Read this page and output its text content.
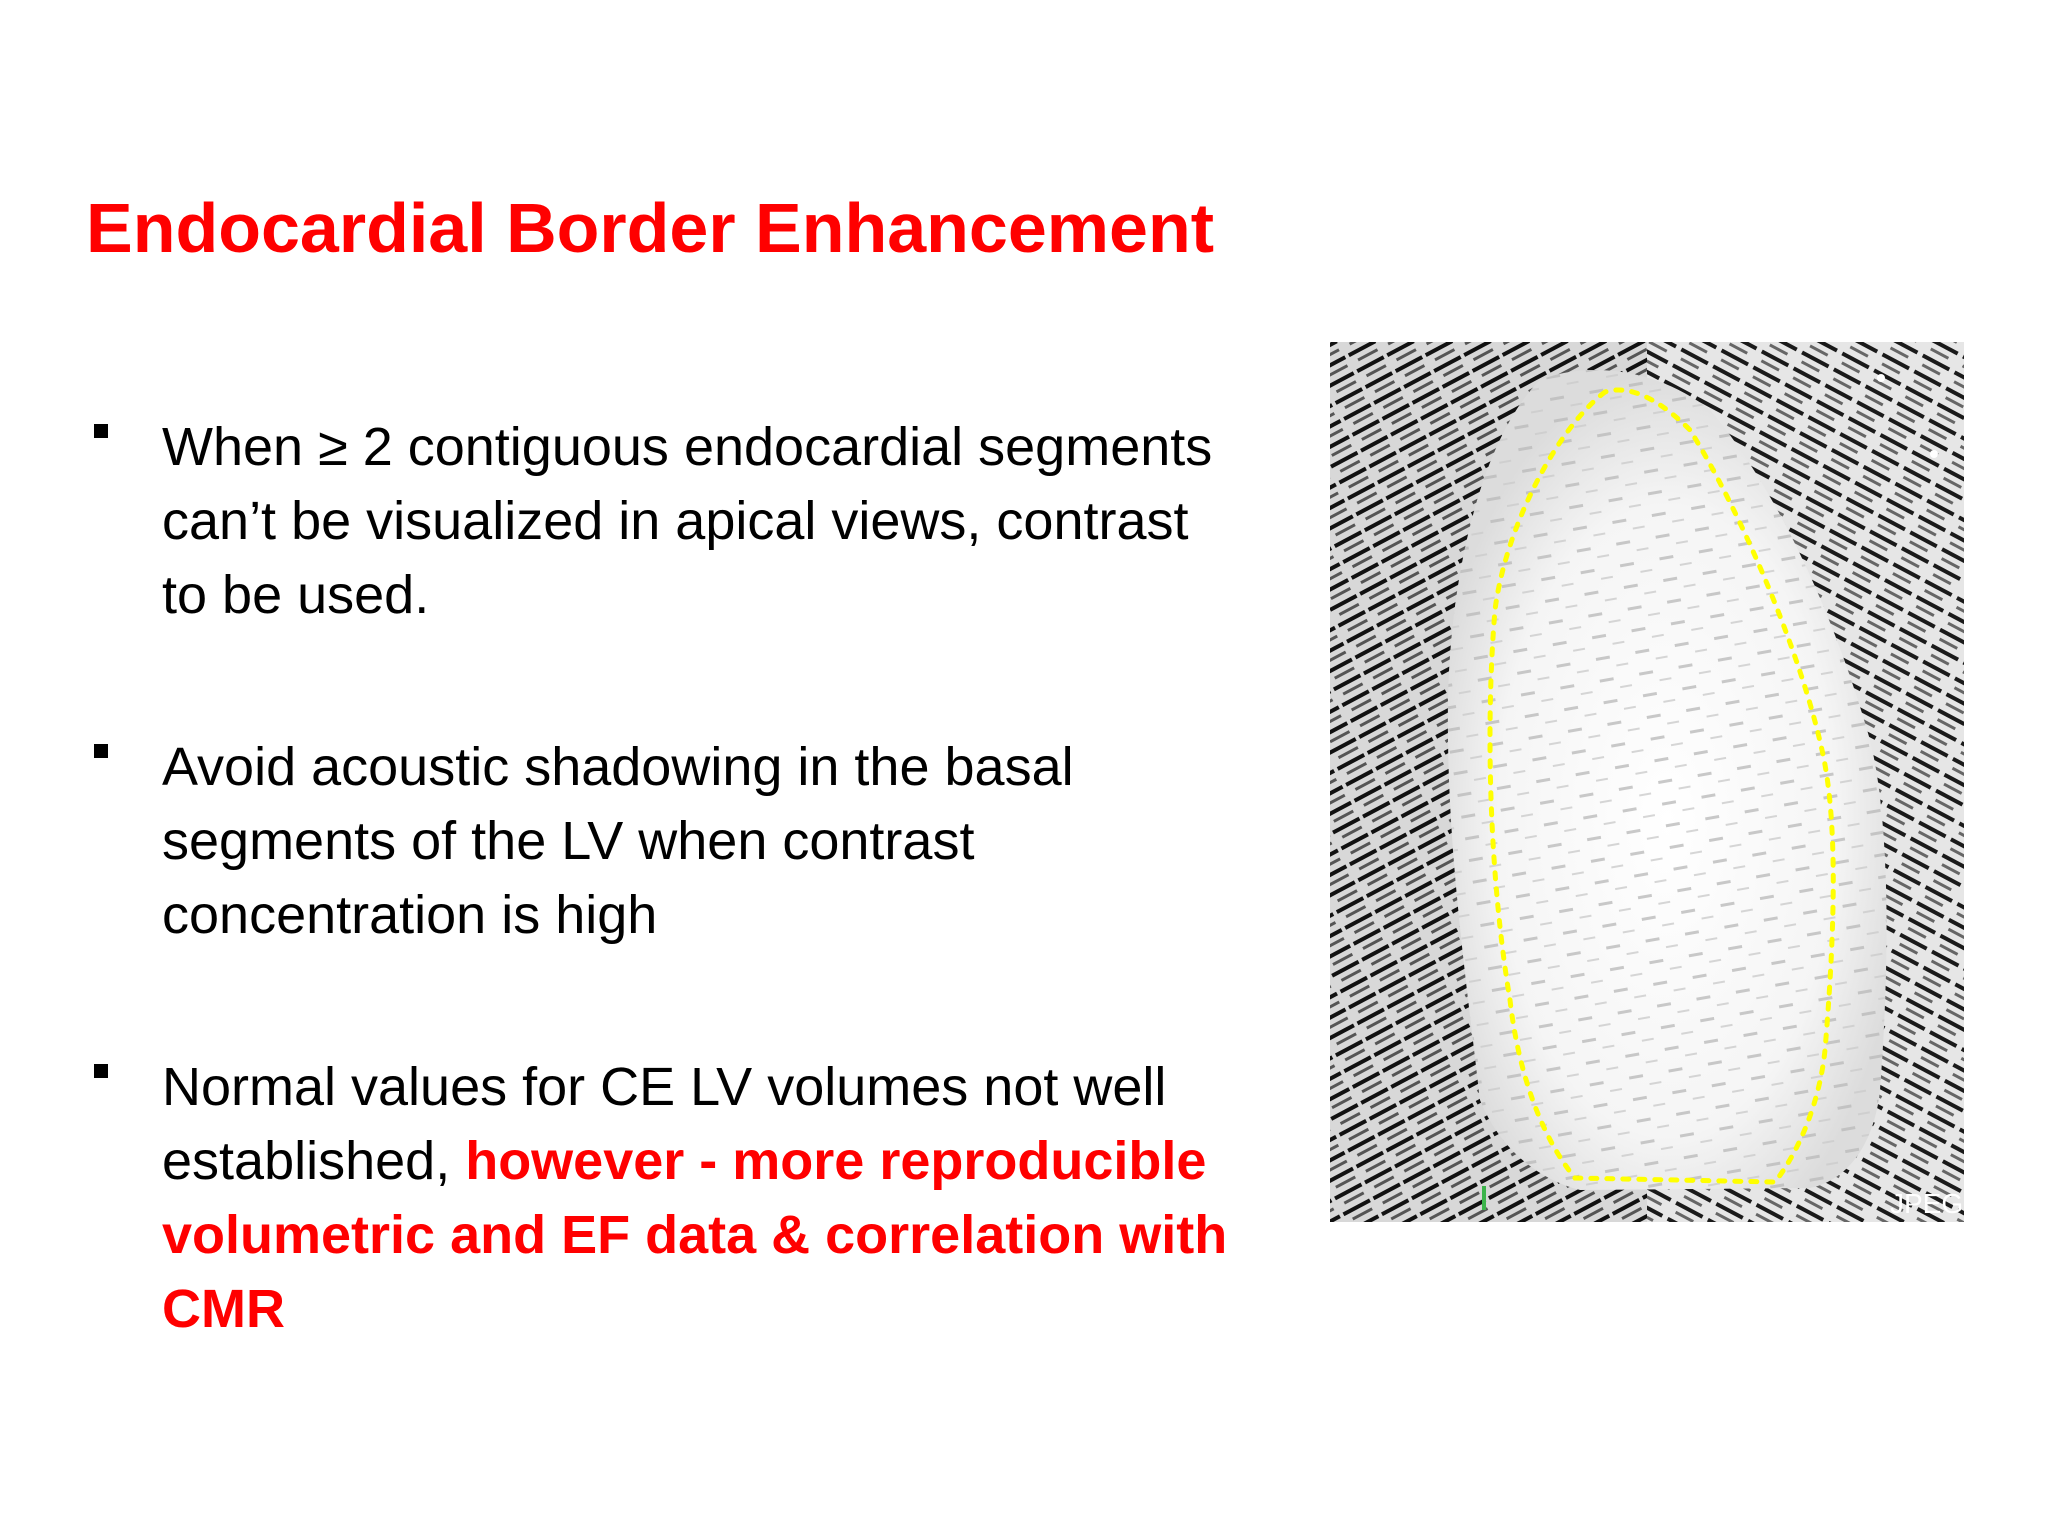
Endocardial Border Enhancement
When ≥ 2 contiguous endocardial segments can’t be visualized in apical views, contrast to be used.
Avoid acoustic shadowing in the basal segments of the LV when contrast concentration is high
Normal values for CE LV volumes not well established, however - more reproducible volumetric and EF data & correlation with CMR
JPEG
